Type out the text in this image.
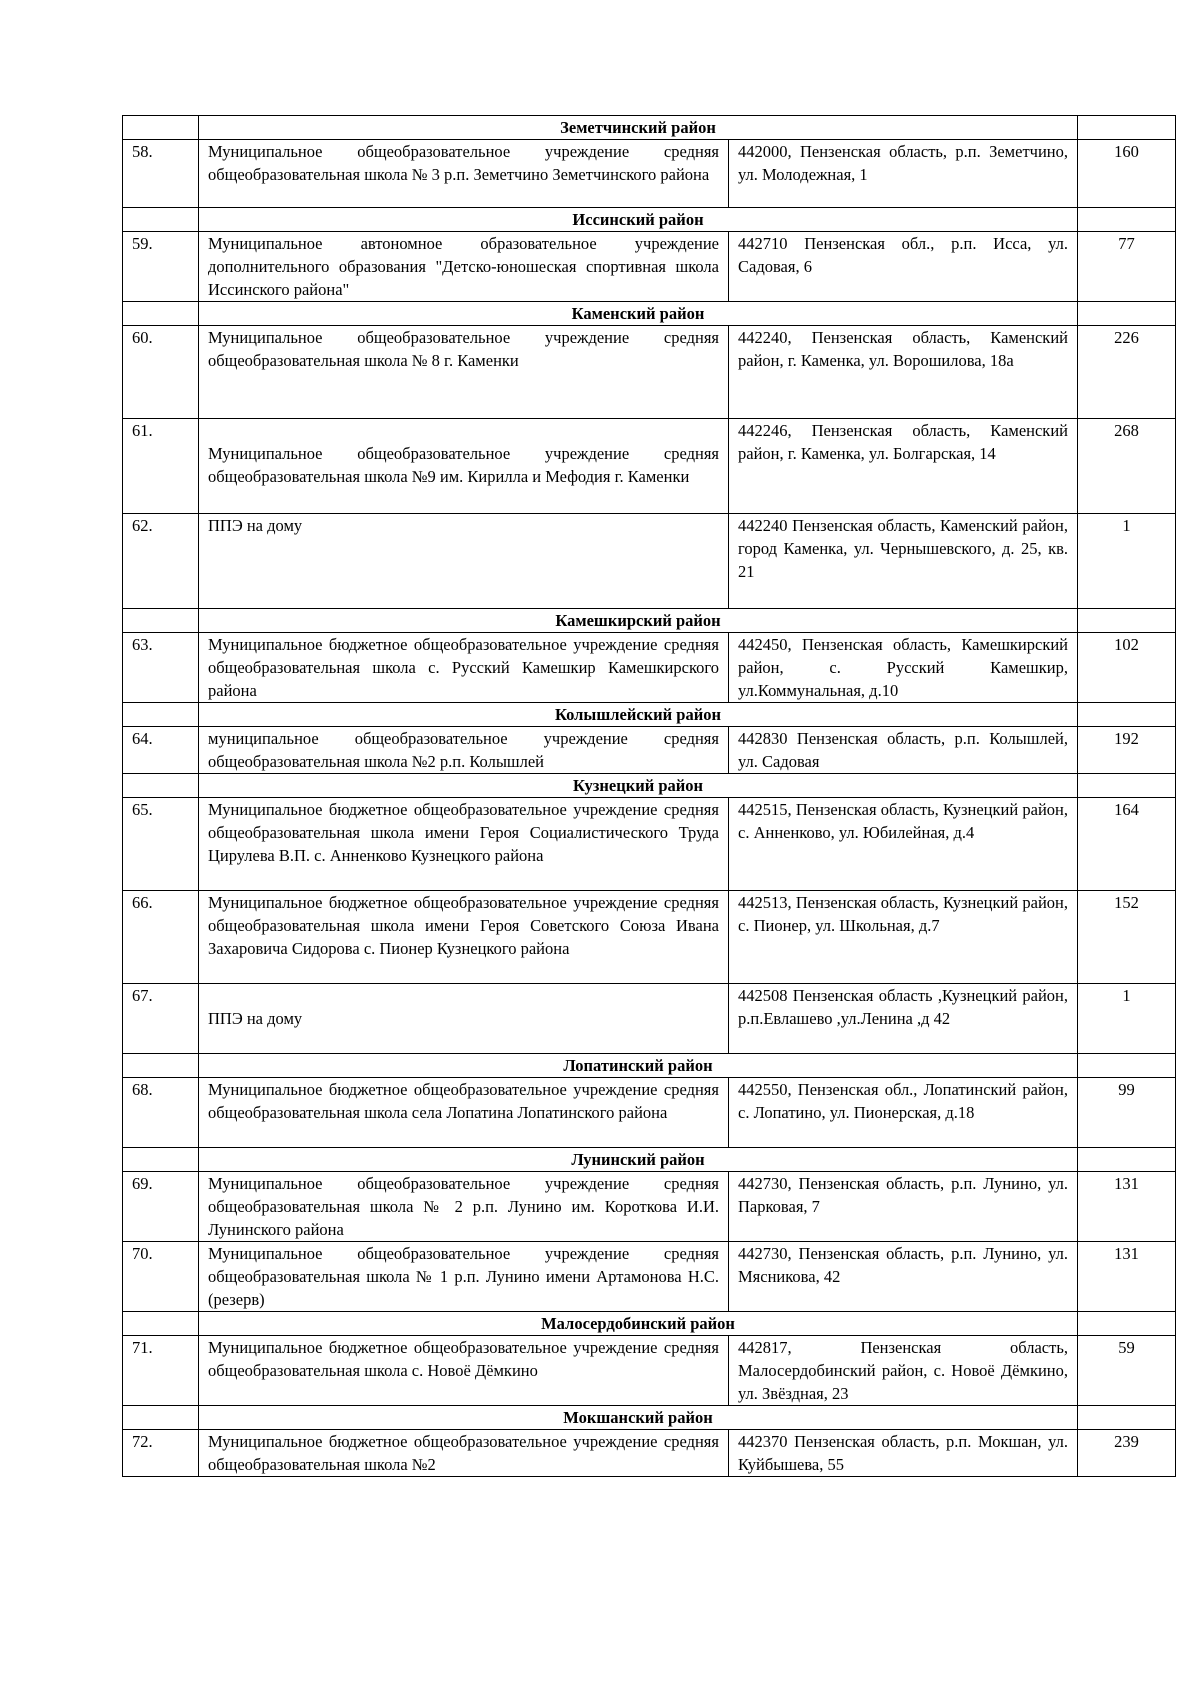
	Земетчинский район		
58.	Муниципальное общеобразовательное учреждение средняя общеобразовательная школа № 3 р.п. Земетчино Земетчинского района	442000, Пензенская область, р.п. Земетчино, ул. Молодежная, 1	160
	Иссинский район		
59.	Муниципальное автономное образовательное учреждение дополнительного образования "Детско-юношеская спортивная школа Иссинского района"	442710 Пензенская обл., р.п. Исса, ул. Садовая, 6	77
	Каменский район		
60.	Муниципальное общеобразовательное учреждение средняя общеобразовательная школа № 8 г. Каменки	442240, Пензенская область, Каменский район, г. Каменка, ул. Ворошилова, 18а	226
61.	Муниципальное общеобразовательное учреждение средняя общеобразовательная школа №9 им. Кирилла и Мефодия г. Каменки	442246, Пензенская область, Каменский район, г. Каменка, ул. Болгарская, 14	268
62.	ППЭ на дому	442240 Пензенская область, Каменский район, город Каменка, ул. Чернышевского, д. 25, кв. 21	1
	Камешкирский район		
63.	Муниципальное бюджетное общеобразовательное учреждение средняя общеобразовательная школа с. Русский Камешкир Камешкирского района	442450, Пензенская область, Камешкирский район, с. Русский Камешкир, ул.Коммунальная, д.10	102
	Колышлейский район		
64.	муниципальное общеобразовательное учреждение средняя общеобразовательная школа №2 р.п. Колышлей	442830 Пензенская область, р.п. Колышлей, ул. Садовая	192
	Кузнецкий район		
65.	Муниципальное бюджетное общеобразовательное учреждение средняя общеобразовательная школа имени Героя Социалистического Труда Цирулева В.П. с. Анненково Кузнецкого района	442515, Пензенская область, Кузнецкий район, с. Анненково, ул. Юбилейная, д.4	164
66.	Муниципальное бюджетное общеобразовательное учреждение средняя общеобразовательная школа имени Героя Советского Союза Ивана Захаровича Сидорова с. Пионер Кузнецкого района	442513, Пензенская область, Кузнецкий район, с. Пионер, ул. Школьная, д.7	152
67.	ППЭ на дому	442508 Пензенская область ,Кузнецкий район, р.п.Евлашево ,ул.Ленина ,д 42	1
	Лопатинский район		
68.	Муниципальное бюджетное общеобразовательное учреждение средняя общеобразовательная школа села Лопатина Лопатинского района	442550, Пензенская обл., Лопатинский район, с. Лопатино, ул. Пионерская, д.18	99
	Лунинский район		
69.	Муниципальное общеобразовательное учреждение средняя общеобразовательная школа № 2 р.п. Лунино им. Короткова И.И. Лунинского района	442730, Пензенская область, р.п. Лунино, ул. Парковая, 7	131
70.	Муниципальное общеобразовательное учреждение средняя общеобразовательная школа № 1 р.п. Лунино имени Артамонова Н.С. (резерв)	442730, Пензенская область, р.п. Лунино, ул. Мясникова, 42	131
	Малосердобинский район		
71.	Муниципальное бюджетное общеобразовательное учреждение средняя общеобразовательная школа с. Новоё Дёмкино	442817, Пензенская область, Малосердобинский район, с. Новоё Дёмкино, ул. Звёздная, 23	59
	Мокшанский район		
72.	Муниципальное бюджетное общеобразовательное учреждение средняя общеобразовательная школа №2	442370 Пензенская область, р.п. Мокшан, ул. Куйбышева, 55	239
